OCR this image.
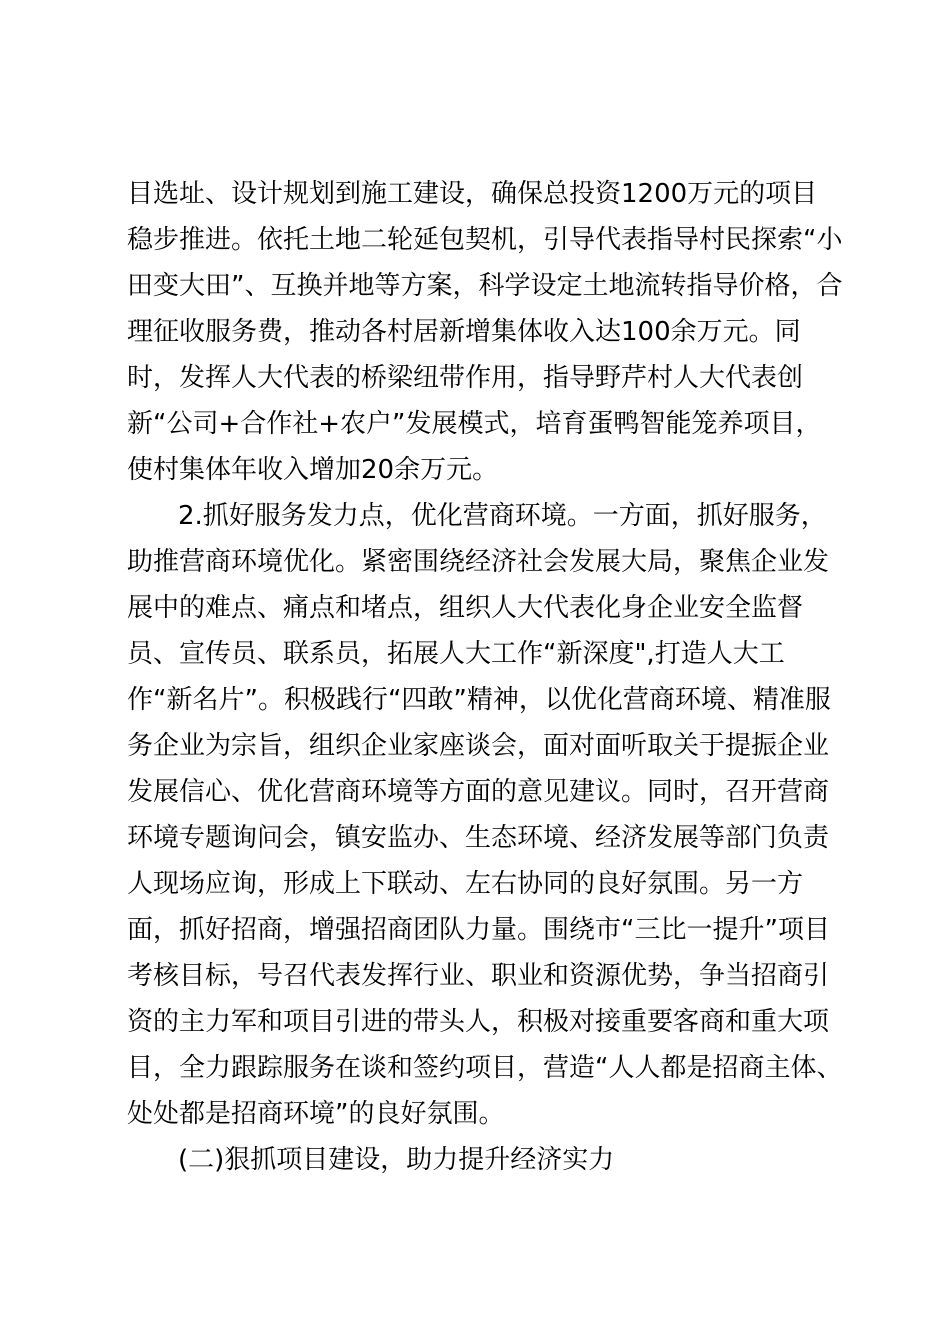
目选址、设计规划到施工建设，确保总投资1200万元的项目

稳步推进。依托土地二轮延包契机，引导代表指导村民探索“小

田变大田”、互换并地等方案，科学设定土地流转指导价格，合

理征收服务费，推动各村居新增集体收入达100余万元。同

时，发挥人大代表的桥梁纽带作用，指导野芹村人大代表创

新“公司+合作社+农户”发展模式，培育蛋鸭智能笼养项目，

使村集体年收入增加20余万元。

2.抓好服务发力点，优化营商环境。一方面，抓好服务，

助推营商环境优化。紧密围绕经济社会发展大局，聚焦企业发

展中的难点、痛点和堵点，组织人大代表化身企业安全监督

员、宣传员、联系员，拓展人大工作“新深度",打造人大工

作“新名片”。积极践行“四敢”精神，以优化营商环境、精准服

务企业为宗旨，组织企业家座谈会，面对面听取关于提振企业

发展信心、优化营商环境等方面的意见建议。同时，召开营商

环境专题询问会，镇安监办、生态环境、经济发展等部门负责

人现场应询，形成上下联动、左右协同的良好氛围。另一方

面，抓好招商，增强招商团队力量。围绕市“三比一提升”项目

考核目标，号召代表发挥行业、职业和资源优势，争当招商引

资的主力军和项目引进的带头人，积极对接重要客商和重大项

目，全力跟踪服务在谈和签约项目，营造“人人都是招商主体、

处处都是招商环境”的良好氛围。

(二)狠抓项目建设，助力提升经济实力
